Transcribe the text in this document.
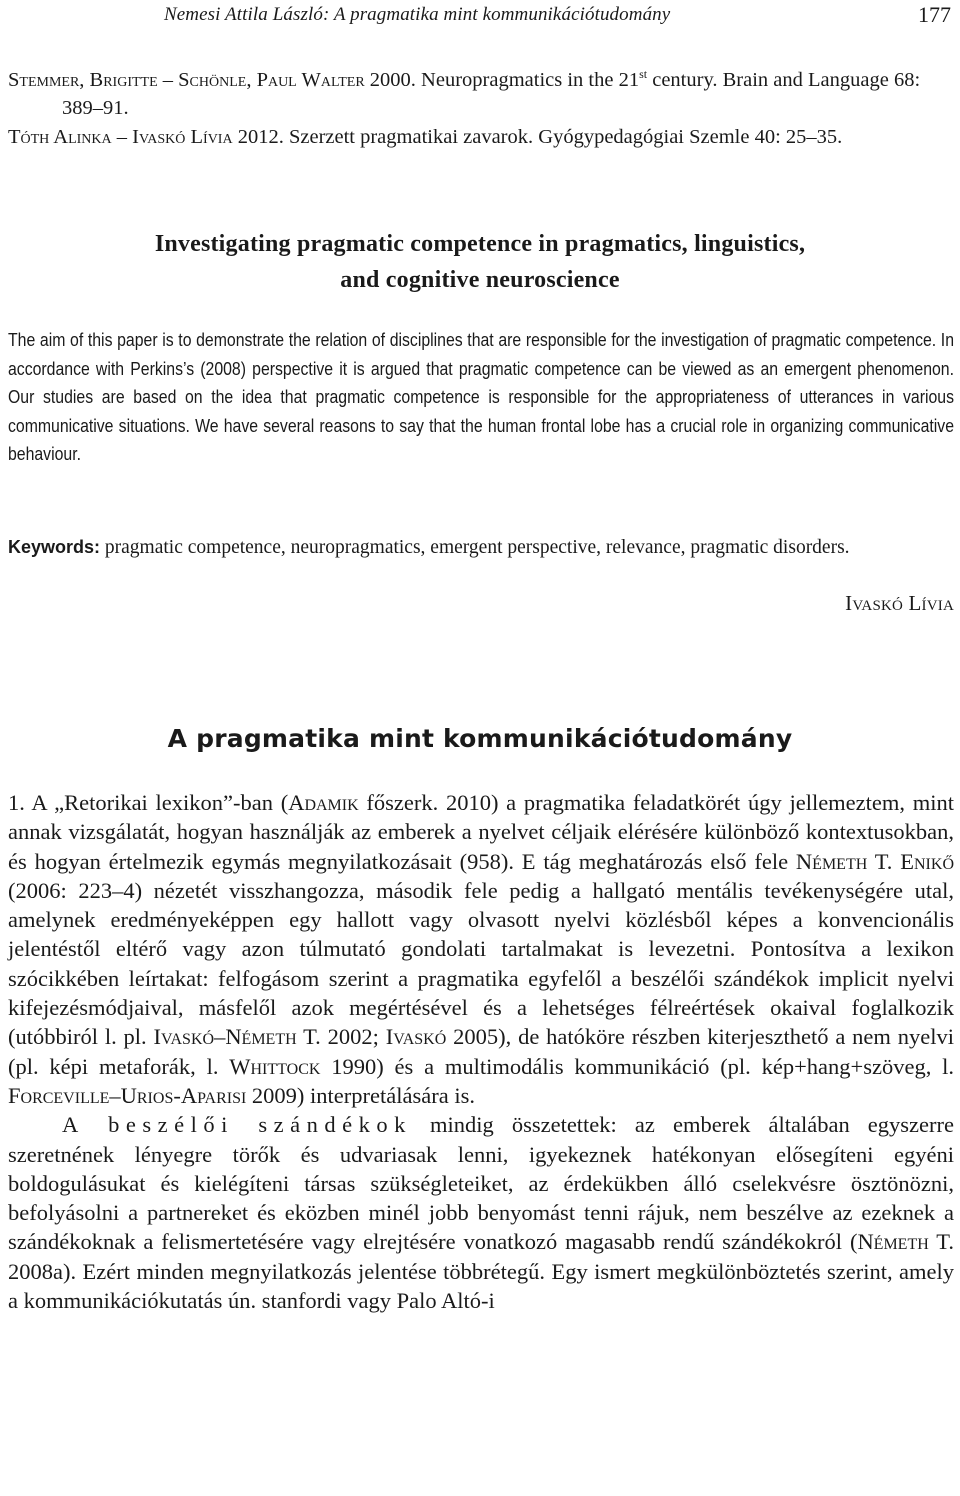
Nemesi Attila László: A pragmatika mint kommunikációtudomány	177

Stemmer, Brigitte – Schönle, Paul Walter 2000. Neuropragmatics in the 21st century. Brain and Language 68: 389–91.

Tóth Alinka – Ivaskó Lívia 2012. Szerzett pragmatikai zavarok. Gyógypedagógiai Szemle 40: 25–35.

Investigating pragmatic competence in pragmatics, linguistics,
and cognitive neuroscience

The aim of this paper is to demonstrate the relation of disciplines that are responsible for the investigation of pragmatic competence. In accordance with Perkins’s (2008) perspective it is argued that pragmatic competence can be viewed as an emergent phenomenon. Our studies are based on the idea that pragmatic competence is responsible for the appropriateness of utterances in various communicative situations. We have several reasons to say that the human frontal lobe has a crucial role in organizing communicative behaviour.

Keywords: pragmatic competence, neuropragmatics, emergent perspective, relevance, pragmatic disorders.

Ivaskó Lívia
A pragmatika mint kommunikációtudomány

1. A „Retorikai lexikon”-ban (Adamik főszerk. 2010) a pragmatika feladatkörét úgy jellemeztem, mint annak vizsgálatát, hogyan használják az emberek a nyelvet céljaik elérésére különböző kontextusokban, és hogyan értelmezik egymás megnyilatkozásait (958). E tág meghatározás első fele Németh T. Enikő (2006: 223–4) nézetét visszhangozza, második fele pedig a hallgató mentális tevékenységére utal, amelynek eredményeképpen egy hallott vagy olvasott nyelvi közlésből képes a konvencionális jelentéstől eltérő vagy azon túlmutató gondolati tartalmakat is levezetni. Pontosítva a lexikon szócikkében leírtakat: felfogásom szerint a pragmatika egyfelől a beszélői szándékok implicit nyelvi kifejezésmódjaival, másfelől azok megértésével és a lehetséges félreértések okaival foglalkozik (utóbbiról l. pl. Ivaskó–Németh T. 2002; Ivaskó 2005), de hatóköre részben kiterjeszthető a nem nyelvi (pl. képi metaforák, l. Whittock 1990) és a multimodális kommunikáció (pl. kép+hang+szöveg, l. Forceville–Urios-Aparisi 2009) interpretálására is.

A beszélői szándékok mindig összetettek: az emberek általában egyszerre szeretnének lényegre törők és udvariasak lenni, igyekeznek hatékonyan elősegíteni egyéni boldogulásukat és kielégíteni társas szükségleteiket, az érdekükben álló cselekvésre ösztönözni, befolyásolni a partnereket és eközben minél jobb benyomást tenni rájuk, nem beszélve az ezeknek a szándékoknak a felismertetésére vagy elrejtésére vonatkozó magasabb rendű szándékokról (Németh T. 2008a). Ezért minden megnyilatkozás jelentése többrétegű. Egy ismert megkülönböztetés szerint, amely a kommunikációkutatás ún. stanfordi vagy Palo Altó-i
